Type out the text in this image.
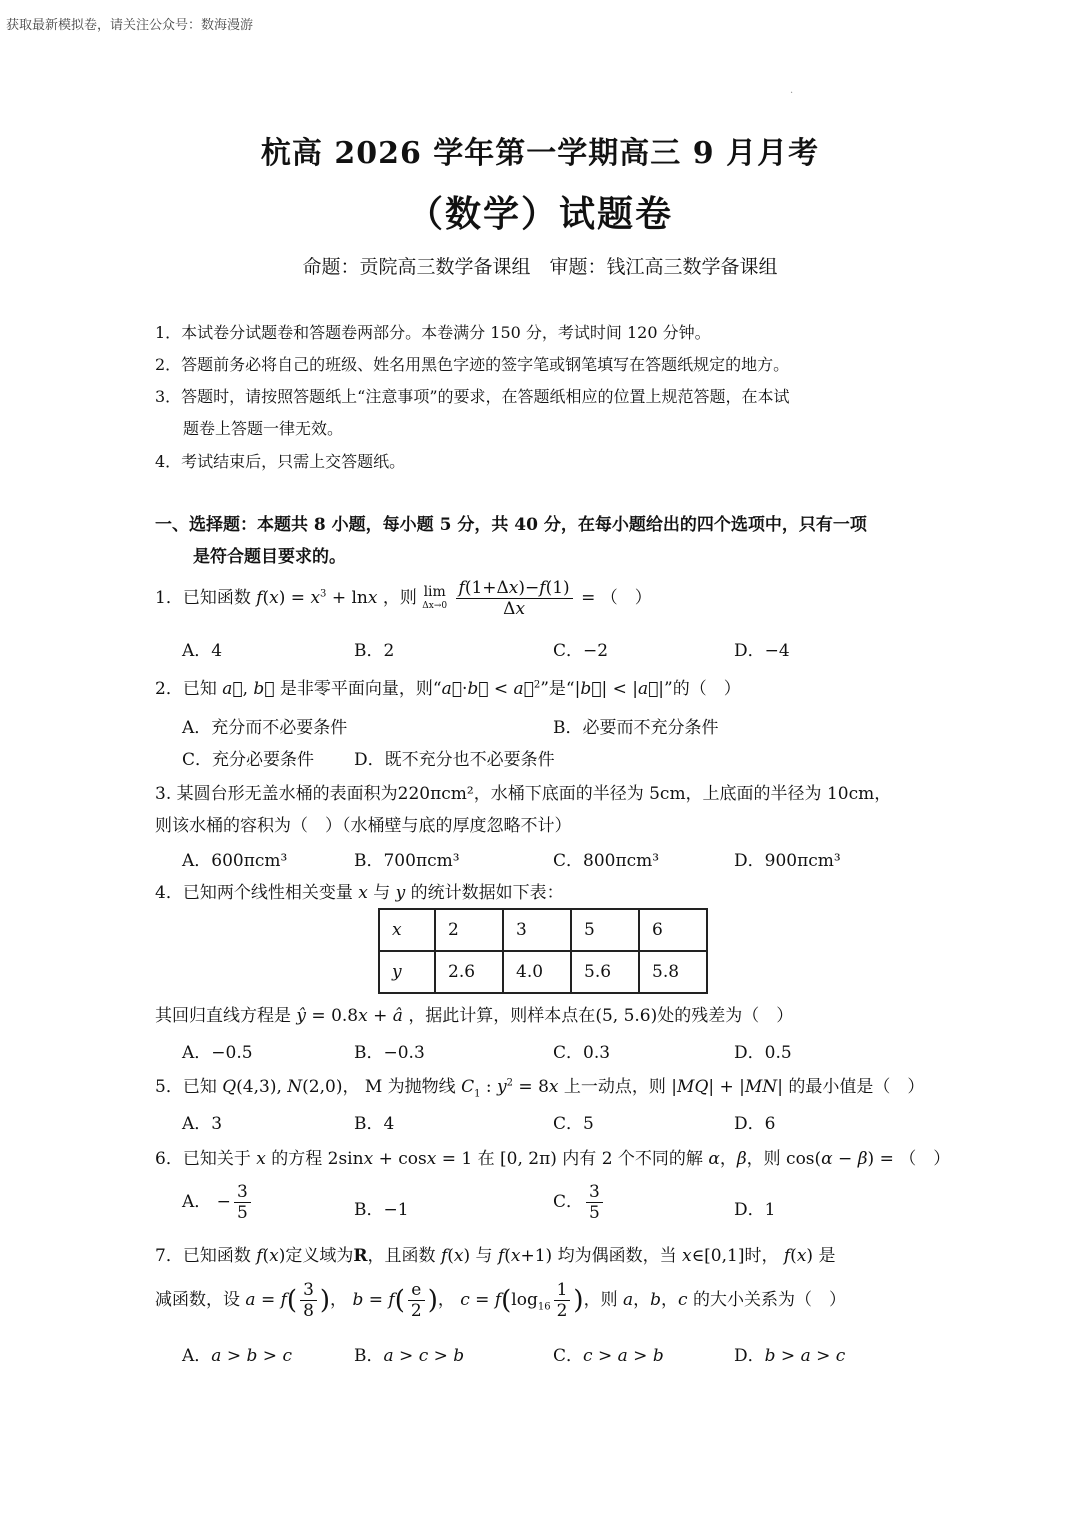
获取最新模拟卷，请关注公众号：数海漫游
·
杭高 2026 学年第一学期高三 9 月月考
（数学）试题卷
命题：贡院高三数学备课组　审题：钱江高三数学备课组
1．本试卷分试题卷和答题卷两部分。本卷满分 150 分，考试时间 120 分钟。
2．答题前务必将自己的班级、姓名用黑色字迹的签字笔或钢笔填写在答题纸规定的地方。
3．答题时，请按照答题纸上“注意事项”的要求，在答题纸相应的位置上规范答题，在本试
题卷上答题一律无效。
4．考试结束后，只需上交答题纸。
一、选择题：本题共 8 小题，每小题 5 分，共 40 分，在每小题给出的四个选项中，只有一项
是符合题目要求的。
1．已知函数 $f(x) = x^3 + \ln x$ ，则 lim
Δx→0
$\frac{f(1+\Delta x)-f(1)}{\Delta x}$ = （　）
A．4	B．2	C．−2	D．−4
2．已知 a⃗, b⃗ 是非零平面向量，则“a⃗·b⃗ < a⃗$^2$”是“|b⃗| < |a⃗|”的（　）
A．充分而不必要条件	B．必要而不充分条件
C．充分必要条件 D．既不充分也不必要条件
3. 某圆台形无盖水桶的表面积为220πcm²，水桶下底面的半径为 5cm，上底面的半径为 10cm，
则该水桶的容积为（　）（水桶壁与底的厚度忽略不计）
A．600πcm³	B．700πcm³	C．800πcm³	D．900πcm³
4．已知两个线性相关变量 x 与 y 的统计数据如下表：
x	2	3	5	6
y	2.6	4.0	5.6	5.8
其回归直线方程是 ŷ = 0.8x + â ，据此计算，则样本点在(5, 5.6)处的残差为（　）
A．−0.5	B．−0.3	C．0.3	D．0.5
5．已知 Q(4,3), N(2,0)， M 为抛物线 $C_1$ : $y^2 = 8x$ 上一动点，则 |MQ| + |MN| 的最小值是（　）
A．3	B．4	C．5	D．6
6．已知关于 x 的方程 2sinx + cosx = 1 在 [0, 2π) 内有 2 个不同的解 α，β，则 cos(α − β) = （　）
A． − $\frac{3}{5}$	B．−1	C． $\frac{3}{5}$	D．1
7．已知函数 f(x)定义域为R，且函数 f(x) 与 f(x+1) 均为偶函数，当 x∈[0,1]时， f(x) 是
减函数，设 $a = f( \frac{3}{8}$ )， $b = f( \frac{e}{2}$ )， $c = f(\log_{16} \frac{1}{2}$ )，则 a，b，c 的大小关系为（　）
A．a > b > c	B．a > c > b	C．c > a > b	D．b > a > c
